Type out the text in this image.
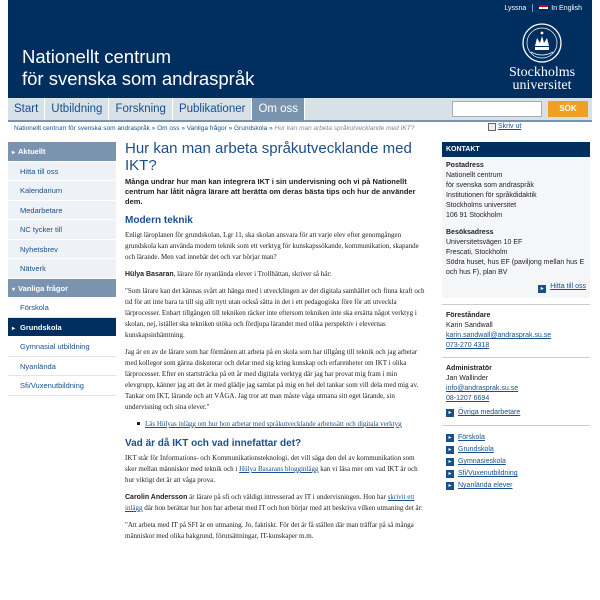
Lyssna	In English
Nationellt centrum
för svenska som andraspråk	Stockholms
universitet
Start	Utbildning	Forskning	Publikationer	Om oss	SÖK
Nationellt centrum för svenska som andraspråk » Om oss » Vanliga frågor » Grundskola » Hur kan man arbeta språkutvecklande med IKT?	Skriv ut
▸ Aktuellt
Hitta till oss
Kalendarium
Medarbetare
NC tycker till
Nyhetsbrev
Nätverk
▾ Vanliga frågor
Förskola
▸ Grundskola
Gymnasial utbildning
Nyanlända
Sfi/Vuxenutbildning
Hur kan man arbeta språkutvecklande med IKT?
Många undrar hur man kan integrera IKT i sin undervisning och vi på Nationellt centrum har låtit några lärare att berätta om deras bästa tips och hur de använder dem.
Modern teknik

Enligt läroplanen för grundskolan, Lgr 11, ska skolan ansvara för att varje elev efter genomgången grundskola kan använda modern teknik som ett verktyg för kunskapssökande, kommunikation, skapande och lärande. Men vad innebär det och var börjar man?

Hülya Basaran, lärare för nyanlända elever i Trollhättan, skriver så här:

"Som lärare kan det kännas svårt att hänga med i utvecklingen av det digitala samhället och finna kraft och tid för att inte bara ta till sig allt nytt utan också sätta in det i ett pedagogiska före för att utveckla lärprocesser. Enbart tillgången till tekniken räcker inte eftersom tekniken inte ska ersätta något verktyg i skolan, nej, istället ska tekniken utöka och fördjupa lärandet med olika perspektiv i elevernas kunskapsinhämtning.
Jag är en av de lärare som har förmånen att arbeta på en skola som har tillgång till teknik och jag arbetar med kollegor som gärna diskuterar och delar med sig kring kunskap och erfarenheter om IKT i olika lärprocesser. Efter en startsträcka på ett år med digitala verktyg där jag har provat mig fram i min elevgrupp, känner jag att det är med glädje jag samlat på mig en hel del tankar som vill dela med mig av. Tankar om IKT, lärande och att VÅGA. Jag tror att man måste våga utmana sitt eget lärande, sin undervisning och sina elever."
Läs Hülyas inlägg om hur hon arbetar med språkutvecklande arbetssätt och digitala verktyg
Vad är då IKT och vad innefattar det?

IKT står för Informations- och Kommunikationsteknologi, det vill säga den del av kommunikation som sker mellan människor med teknik och i Hülya Basarans blogginlägg kan vi läsa mer om vad IKT är och hur viktigt det är att våga prova.

Carolin Andersson är lärare på sfi och väldigt intresserad av IT i undervisningen. Hon har skrivit ett inlägg där hon berättar hur hon har arbetat med IT och hon börjar med att beskriva vilken utmaning det är:

"Att arbeta med IT på SFI är en utmaning. Jo, faktiskt. För det är få ställen där man träffar på så många människor med olika bakgrund, förutsättningar, IT-kunskaper m.m.
KONTAKT
Postadress
Nationellt centrum
för svenska som andraspråk
Institutionen för språkdidaktik
Stockholms universitet
106 91 Stockholm
Besöksadress
Universitetsvägen 10 EF
Frescati, Stockholm
Södra huset, hus EF (paviljong mellan hus E och hus F), plan BV
▸ Hitta till oss
Föreståndare
Karin Sandwall
karin.sandwall@andrasprak.su.se
073-270 4318
Administratör
Jan Wallinder
info@andrasprak.su.se
08-1207 6694
▸ Övriga medarbetare
▸ Förskola
▸ Grundskola
▸ Gymnasieskola
▸ Sfi/Vuxenutbildning
▸ Nyanlända elever
